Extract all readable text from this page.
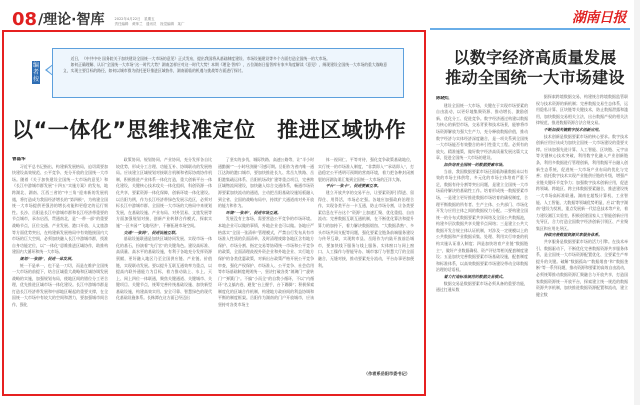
08 /理论·智库	2022年4月22日　星期五
责任编辑　黄帅兰　通讯员　视觉编辑　某广	湖南日报
编者按

近日，《中共中央 国务院关于加快建设全国统一大市场的意见》正式发布，提出我国将从基础制度建设、市场设施建设等多个方面打造全国统一的大市场。

如何正确理解、认识“全国统一大市场”这一时代大势？湖南怎样应对这一时代大势？本期《理论·智库》，五位湖南日报智库专家多角度解读《意见》，阐现建设全国统一大市场的重大战略意义，实现主要目标的路径，如何以城市群为依托更好推进区域协作，湖南面临的机遇与挑战等方面进行探讨。

以“一体化”思维找准定位　推进区域协作

曾磊华

习近平总书记指出，构建新发展格局，迫切需要加快建设高效规范、公平竞争、充分开放的全国统一大市场。随着《关于加快建设全国统一大市场的意见》和《长江中游城市群发展“十四五”实施方案》的发布，地跨湖北、湖南、江西三省的“中三角”迎来新的发展机遇，将打造成为我国经济增长的“第四极”，为构建全国统一大市场提供更强劲的增长动能和更稳定的运行韧性。长沙、岳阳是长江中游城市群和长江经济带重要的节点城市，承东启西，贯通南北，是“一带一部”的重要战略节点，区位交通、产业发展、港口开放、人文旅游等方面优势突出，在构建新发展格局中有效链接国内大市场的巨大空间，必须加快融入长江中游城市群，找准自身功能定位，以“一体化”思维推进区域协作，助推构建国内大循环和统一大市场。

规划“一张图”，促进一体发展。

统一不是单一，也不是一刀切，而是在维护全国统一大市场的前提下，结合区域重大战略和区域协调发展战略的实施，加强规划布局，使地区间的错位分工更合理，优先推进区域市场一体化建设。长江中游城市群是打造长江经济带发展和中部地区崛起的重要支撑，在全国统一大市场中有较大的空间和潜力，要加强城市间合作，强化

政策协同、规划协同、产业协同，充分发挥各自比较优势，形成分工合理、功能互补、协调联动的发展格局。应该建立区域规划对接联合机制和省际协商协作机制，积极推进产业体系一体化打造，重大创新平台一体化建设，关键核心技术攻关一体化组织，科创资源一体化共享，要素资源一体化保障，创新环境一体化建设。以岳阳为例，作为长江经济带绿色发展示范区，必须对标长江中游城市群、全国统一大市场的大格局中来规划发展，在基础设施、产业布局、对外贸易、文旅发展等方面加强规划对接，创新产业转移合作模式，探索实施“一区多园”“飞地经济”，不断拓展市场空间。

交通“一张网”，促进设施互联。

基础设施联通是加快区域协同发展、实现市场一体化的基石，扮演着“先行官”的关键角色。建设高标准、高质量、高水平的基础设施，有利于各地充分发挥资源禀赋，更好融入地区乃至全国供应链、产业链、价值链，实现联动发展。要以提升互联互通效率为重点，以提高内联外通能力为目标，着力推动陆上、水上、天上、网上四位一体联通，聚焦关键通道、关键城市、关键项目、关键节点，统筹完善传统基础设施、加快新型基础设施，构建高效实用、安全可靠、智慧绿色的现代化基础设施体系。长株潭在这方面已经迈出

了坚实的步伐，城际铁路、高速公路等，让“半小时通勤圈”“一小时经济圈”可感可期。岳阳作为省内唯一通江达海的港口城市，要加快推进长九、常岳九铁路、岳阳港集疏运体系、岳阳机场改扩建等重点项目，完善跨区域物流网建设，加快融入综合交通体系，畅通市场资源要素加快流动的通道，主动把岳阳基础设施短板融入到全省、全国的战略布局中，持续扩大通道南对外开放的能力和作为。

环境“一张单”，促进市场互通。

发展没有主客场，需要营造公平竞争的市场环境。本地企业可以做的事情，外地企业也可以做。各地应严格落实“全国一张清单”管理模式，严禁自行发布具有市场准入性质的负面清单，及时清理废除各地区含有地方保护、市场分割、指定交易等妨碍统一市场和公平竞争的政策，全面清理歧视外资企业和外地企业、实行地方保护的各类优惠政策，对新出台政策严格开展公平竞争审查，强化产权保护、市场准入、公平竞争、社会信用等市场基础制度规则统一，坚决打破各类“玻璃门”“旋转门”“弹簧门”。不搞“小而全”的自我小循环，不以“内循环”名义搞内卷，避免“台上握手，台下踢脚”；积极探索制度化的区域合作机制，构建地方政府间的利益协调和平衡的制度框架。岳阳作为湖南的门户开放城市，应该坚持对各类市场主

体一视同仁、平等对待，强化竞争政策基础地位，实行统一的市场准入制度，“非禁即入”“承诺即入”，打造稳定公平透明可预期的营商环境，着力把各种封闭割裂的河湖沟渠汇集到全国统一大市场的汪洋大海。

平台“一张卡”，促进要素互享。

建立开放共享的交易平台，让要素资源引得进、留得住、用得活，市场必定强。各地应加强政府治理合作，实现各类平台一卡互通，防止市场分割，让各类要素信息在平台这个“资源”上加速汇聚、优化重组、自由流动；完善数据互联互通机制，在不断优化算法和提升算力的加持下，着力解决数据烟囱、“大数据杀熟”、多头市场共同支配等问题，强化要素全链条前端服务建设与传导互联，实现跨市县、岳阳作为内陆开放前沿城市，要加快线下服务与线上服务、实体窗口与网上窗口、人工操作与智能导办、城市客厅与智慧大厅的全面融合，无缝对接，推动要素充分流动，平台办事更加便利。

（作者系岳阳市委书记）
以数字经济高质量发展
推动全国统一大市场建设

陈晓红

建设全国统一大市场，关键在于实现市场要素的自由流动，以更好地集聚资源、推动增长、激励创新、优化分工、促进竞争。数字经济通过构建以数据为核心的新型市场，交易背景和技术场景，能够将市场资源解放为强大生产力，充分释放数据价值，推动数字经济与实体经济深度融合，是一项关系到全国统一大市场能否有效整合的牵引性重大工程。必须有的放矢、精准施策，做好数字经济高质量发展这篇大文章，促进全国统一大市场的建设。

加快培育全国统一的数据要素市场。

当前，我国数据要素市场还面临海量数据未以有效的市场主体供给，多元化的市场主体培育严重不足，数据有待分割等突出问题，是建立全国统一大市场亟待解决的基础性工作。培育形成统一数据要素市场，一是建立更好推进数据市场培育的确权制度，合理平衡数据的所有者、生产主体、公共部门、市场化开发与应用主体之间的数据权力分配。二要构建全国统一的分布式数据要素共享网络及全国公共数据池，构建多层次数据共享关键节点网络；三是建立公共大数据开发合规主体认证机制，对涉及一定规模以上的公共数据和产业数据采集、处理、利用实行审查的机构实施认证准入制度；四是加快培育产业链“数据链主”，做好产业数据确权、资产评估等相关配套制度建设；五是加快完善数据要素市场基础设施，配套制度和标准体系，以高效数据要素市场建设带动全球数据治理的话语权。

着力打造标准规范的数据交易模式。

数据交易是数据要素市场必须具备的重要功能，通过打通从数

据探索跨境数据交易，构建统合跨境数据监管职权与技术资源的新机制；完善数据交易生态体系，运用隐私计算、区块链等关键技术，防止数据泄露和滥用，加快数据交易相关立法，出台数据产权的相关法律规范，推进数据资源合法合规交易。

不断加强关键数字技术创新应用。

技术创新是数据要素市场的核心要求。数字技术创新应用应该成为加快全国统一大市场建设的重要支撑。应该加强先进计算、人工智能、区块链、元宇宙等关键核心技术突破，利用数字化融入产业创新链条，利用多数据进行管理创新，利用数据平台融入创新生态系统，促进统一大市场产业布局的优化与完善；依托数字技术实现产业链供应链的升级，增强产业链关键环节竞争力；加强数字技术创新应用，促进跨领域、跨地区、跨主体数据要素融合，推进建设统一大市场高标准联通。湖南在超级计算机、工业智能、人工智能、大数据等领域优势明显，应以“数字湖南”建设为契机，重点发展新一代信息技术等产业，着力建设湘江实验室，积极创建国家人工智能创新应用先导区，合力打造全国数字经济创新引领区、产业聚集区和应用先导区。

持续完善数据资源共享服务体系。

共享服务是数据要素市场的活力引擎。在技术牵引、数据驱动下，不断优化完善数据资源共享服务体系，是全国统一大市场资源配置优化、全要素生产率提升的关键。破解“数据孤岛”“数据烟囱”和“数据垄断”等一系列问题，推动资源和要素的高效自由流动，必须统筹推动数据资源汇聚融合与开放共享，打造国家数据资源统一开放平台，探索建立统一规范的数据资源共享机制，加快推进数据资源配置和流动，建立健全数
